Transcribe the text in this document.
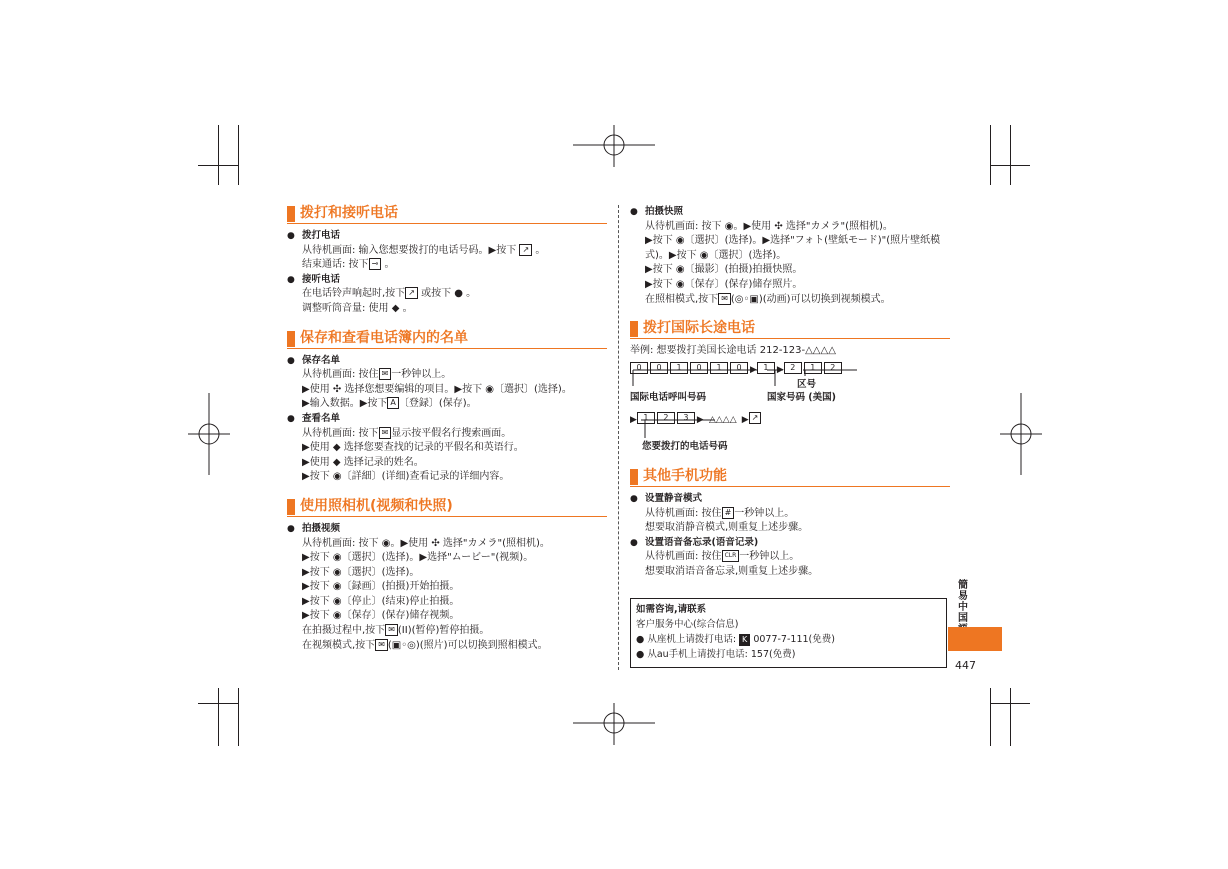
拨打和接听电话
● 拨打电话
从待机画面: 输入您想要拨打的电话号码。▶按下 ↗ 。
结束通话: 按下 ⊸ 。
● 接听电话
在电话铃声响起时,按下 ↗ 或按下 ● 。
调整听筒音量: 使用 ◆ 。
保存和查看电话簿内的名单
● 保存名单
从待机画面: 按住 ✉ 一秒钟以上。
▶使用 ✣ 选择您想要编辑的项目。▶按下 ◉〔選択〕(选择)。
▶输入数据。▶按下 A 〔登録〕(保存)。
● 查看名单
从待机画面: 按下 ✉ 显示按平假名行搜索画面。
▶使用 ◆ 选择您要查找的记录的平假名和英语行。
▶使用 ◆ 选择记录的姓名。
▶按下 ◉〔詳細〕(详细)查看记录的详细内容。
使用照相机(视频和快照)
● 拍摄视频
从待机画面: 按下 ◉。▶使用 ✣ 选择"カメラ"(照相机)。
▶按下 ◉〔選択〕(选择)。▶选择"ムービー"(视频)。
▶按下 ◉〔選択〕(选择)。
▶按下 ◉〔録画〕(拍摄)开始拍摄。
▶按下 ◉〔停止〕(结束)停止拍摄。
▶按下 ◉〔保存〕(保存)储存视频。
在拍摄过程中,按下 ✉ (II)(暂停)暂停拍摄。
在视频模式,按下 ✉ (▣◦◎)(照片)可以切换到照相模式。
● 拍摄快照
从待机画面: 按下 ◉。▶使用 ✣ 选择"カメラ"(照相机)。
▶按下 ◉〔選択〕(选择)。▶选择"フォト(壁紙モード)"(照片壁纸模
式)。▶按下 ◉〔選択〕(选择)。
▶按下 ◉〔撮影〕(拍摄)拍摄快照。
▶按下 ◉〔保存〕(保存)储存照片。
在照相模式,按下 ✉ (◎◦▣)(动画)可以切换到视频模式。
拨打国际长途电话
举例: 想要拨打美国长途电话 212-123-△△△△
0 0 1 0 1 0 ▶ 1 ▶ 2 1 2
区号
国际电话呼叫号码	国家号码 (美国)
▶ 1 2 3 ▶ △△△△ ▶ ↗
您要拨打的电话号码
其他手机功能
● 设置静音模式
从待机画面: 按住 # 一秒钟以上。
想要取消静音模式,则重复上述步骤。
● 设置语音备忘录(语音记录)
从待机画面: 按住 CLR 一秒钟以上。
想要取消语音备忘录,则重复上述步骤。
如需咨询,请联系
客户服务中心(综合信息)
● 从座机上请拨打电话: K 0077-7-111(免费)
● 从au手机上请拨打电话: 157(免费)
簡易中国
447
